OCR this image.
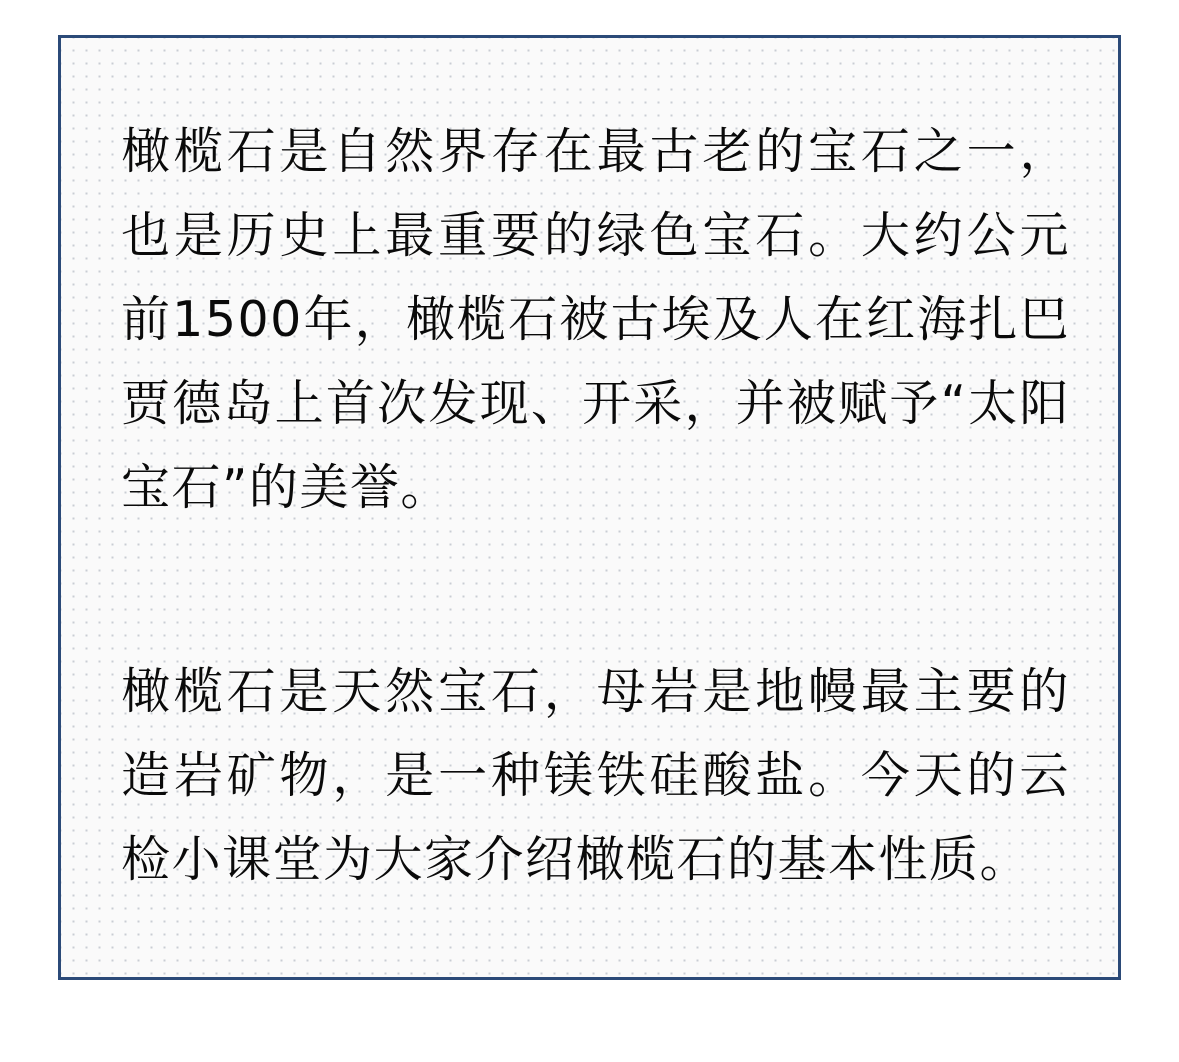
橄榄石是自然界存在最古老的宝石之一，也是历史上最重要的绿色宝石。大约公元前1500年，橄榄石被古埃及人在红海扎巴贾德岛上首次发现、开采，并被赋予“太阳宝石”的美誉。

橄榄石是天然宝石，母岩是地幔最主要的造岩矿物，是一种镁铁硅酸盐。今天的云检小课堂为大家介绍橄榄石的基本性质。
